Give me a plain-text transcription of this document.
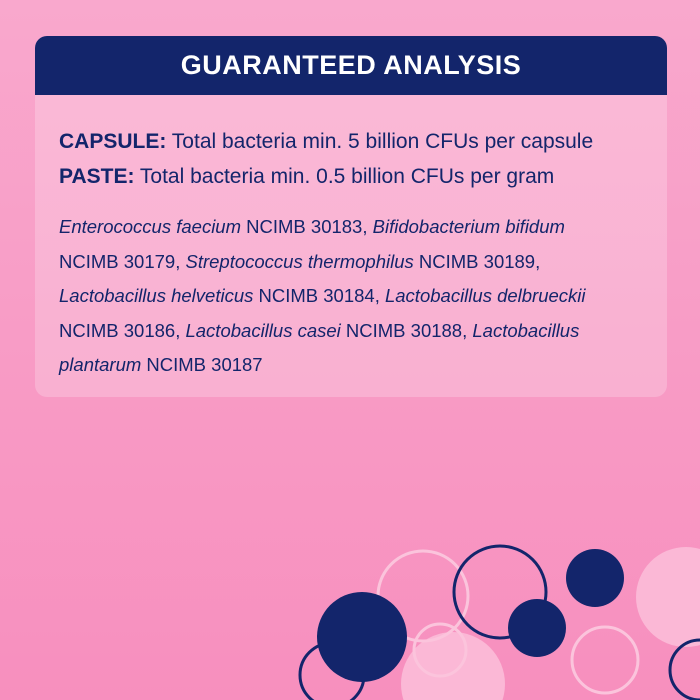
GUARANTEED ANALYSIS
CAPSULE: Total bacteria min. 5 billion CFUs per capsule
PASTE: Total bacteria min. 0.5 billion CFUs per gram
Enterococcus faecium NCIMB 30183, Bifidobacterium bifidum
NCIMB 30179, Streptococcus thermophilus NCIMB 30189,
Lactobacillus helveticus NCIMB 30184, Lactobacillus delbrueckii
NCIMB 30186, Lactobacillus casei NCIMB 30188, Lactobacillus plantarum NCIMB 30187
